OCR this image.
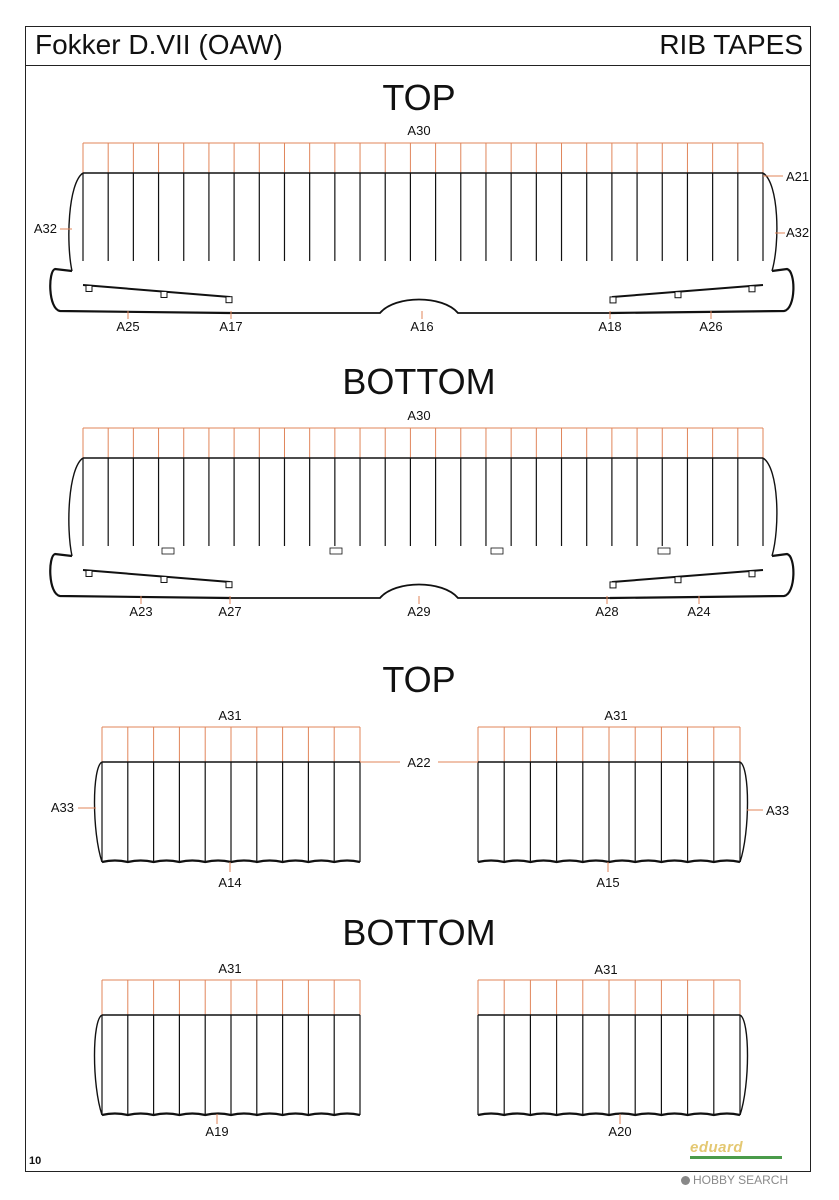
Fokker D.VII (OAW)	RIB TAPES
TOP
BOTTOM
TOP
BOTTOM
A30
A25	A17	A16	A18	A26
A21
A32	A32
A30
A23	A27	A29	A28	A24
A31	A31
A22
A33	A33
A14	A15
A31	A31
A19	A20
10
eduard
HOBBY SEARCH
